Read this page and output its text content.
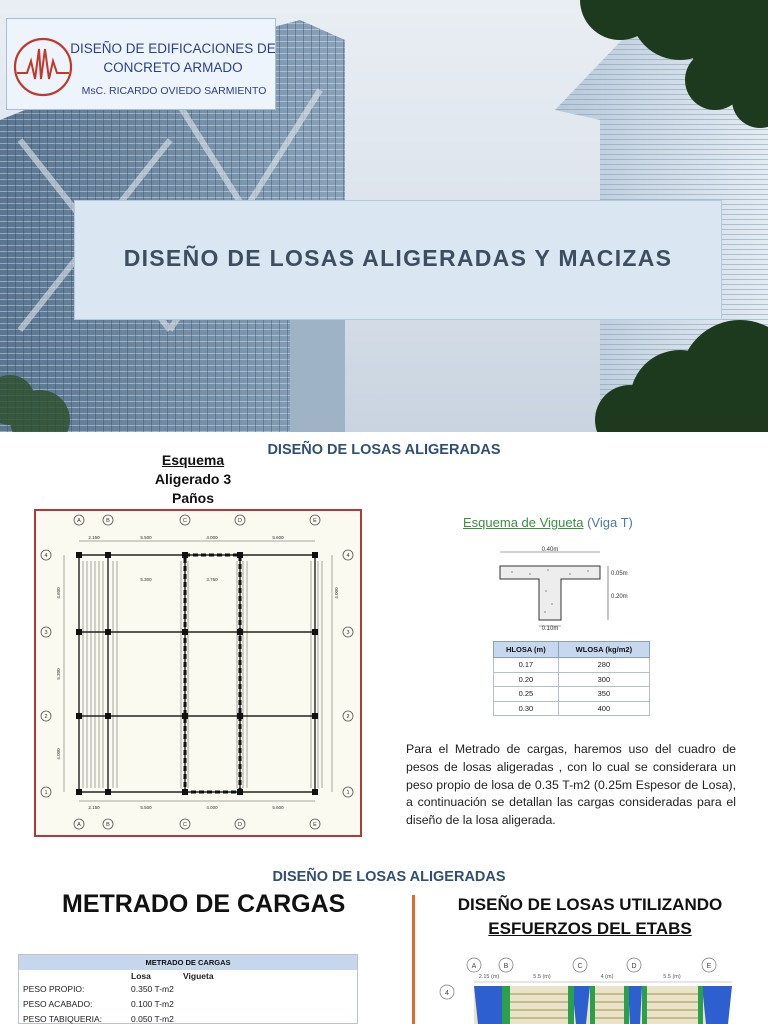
DISEÑO DE EDIFICACIONES DE
CONCRETO ARMADO
MsC. RICARDO OVIEDO SARMIENTO
DISEÑO DE LOSAS ALIGERADAS Y MACIZAS
DISEÑO DE LOSAS ALIGERADAS
Esquema
Aligerado 3
Paños
A	B	C	D	E
A	B	C	D	E
4
3
2
1
4
3
2
1
2.150	5.500	4.000	5.600
5.300	3.760
2.150	5.500	4.000	5.600
4.600
5.300
4.000
4.000
Esquema de Vigueta (Viga T)
0.40m
0.05m
0.20m
0.10m
HLOSA (m)	WLOSA (kg/m2)
0.17	280
0.20	300
0.25	350
0.30	400
Para el Metrado de cargas, haremos uso del cuadro de pesos de losas aligeradas , con lo cual se considerara un peso propio de losa de 0.35 T-m2 (0.25m Espesor de Losa), a continuación se detallan las cargas consideradas para el diseño de la losa aligerada.
DISEÑO DE LOSAS ALIGERADAS
METRADO DE CARGAS
METRADO DE CARGAS
Losa	Vigueta
PESO PROPIO:	0.350 T-m2
PESO ACABADO:	0.100 T-m2
PESO TABIQUERIA:	0.050 T-m2
DISEÑO DE LOSAS UTILIZANDO
ESFUERZOS DEL ETABS
A	B	C	D	E
4
2.15 (m)	5.5 (m)	4 (m)	5.5 (m)
